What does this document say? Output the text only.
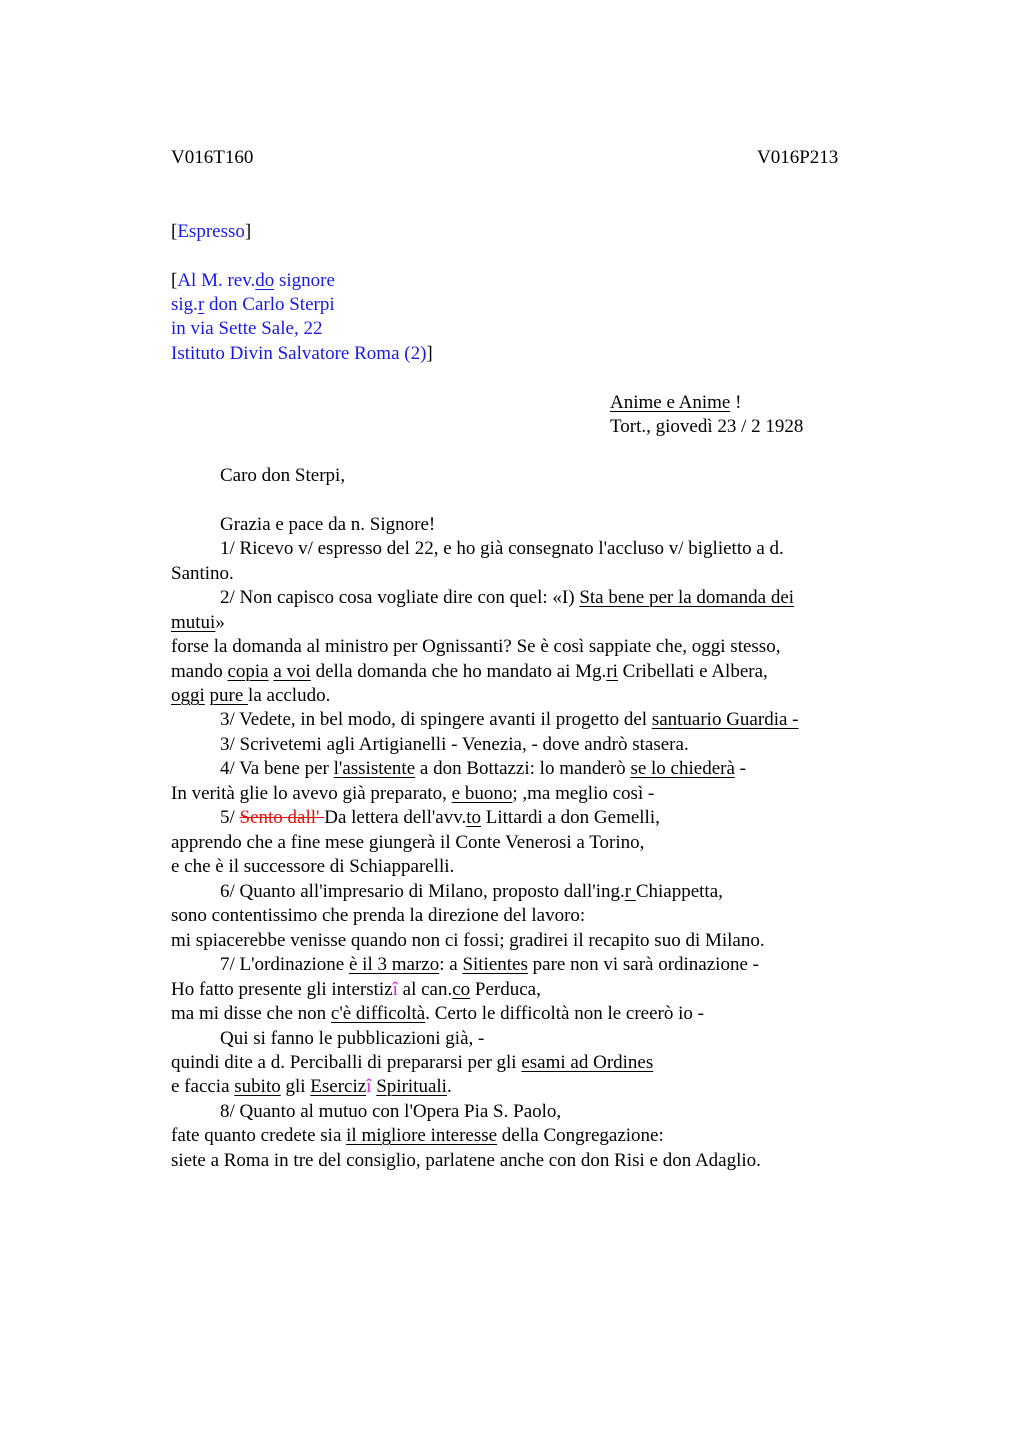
V016T160	V016P213
[Espresso]
[Al M. rev.do signore
sig.r don Carlo Sterpi
in via Sette Sale, 22
Istituto Divin Salvatore Roma (2)]
Anime e Anime !
Tort., giovedì 23 / 2 1928
Caro don Sterpi,
Grazia e pace da n. Signore!
1/ Ricevo v/ espresso del 22, e ho già consegnato l'accluso v/ biglietto a d.
Santino.
2/ Non capisco cosa vogliate dire con quel: «I) Sta bene per la domanda dei
mutui»
forse la domanda al ministro per Ognissanti? Se è così sappiate che, oggi stesso,
mando copia a voi della domanda che ho mandato ai Mg.ri Cribellati e Albera,
oggi pure la accludo.
3/ Vedete, in bel modo, di spingere avanti il progetto del santuario Guardia -
3/ Scrivetemi agli Artigianelli - Venezia, - dove andrò stasera.
4/ Va bene per l'assistente a don Bottazzi: lo manderò se lo chiederà -
In verità glie lo avevo già preparato, e buono; ,ma meglio così -
5/ Sento dall' Da lettera dell'avv.to Littardi a don Gemelli,
apprendo che a fine mese giungerà il Conte Venerosi a Torino,
e che è il successore di Schiapparelli.
6/ Quanto all'impresario di Milano, proposto dall'ing.r Chiappetta,
sono contentissimo che prenda la direzione del lavoro:
mi spiacerebbe venisse quando non ci fossi; gradirei il recapito suo di Milano.
7/ L'ordinazione è il 3 marzo: a Sitientes pare non vi sarà ordinazione -
Ho fatto presente gli interstizî al can.co Perduca,
ma mi disse che non c'è difficoltà. Certo le difficoltà non le creerò io -
Qui si fanno le pubblicazioni già, -
quindi dite a d. Perciballi di prepararsi per gli esami ad Ordines
e faccia subito gli Esercizî Spirituali.
8/ Quanto al mutuo con l'Opera Pia S. Paolo,
fate quanto credete sia il migliore interesse della Congregazione:
siete a Roma in tre del consiglio, parlatene anche con don Risi e don Adaglio.
